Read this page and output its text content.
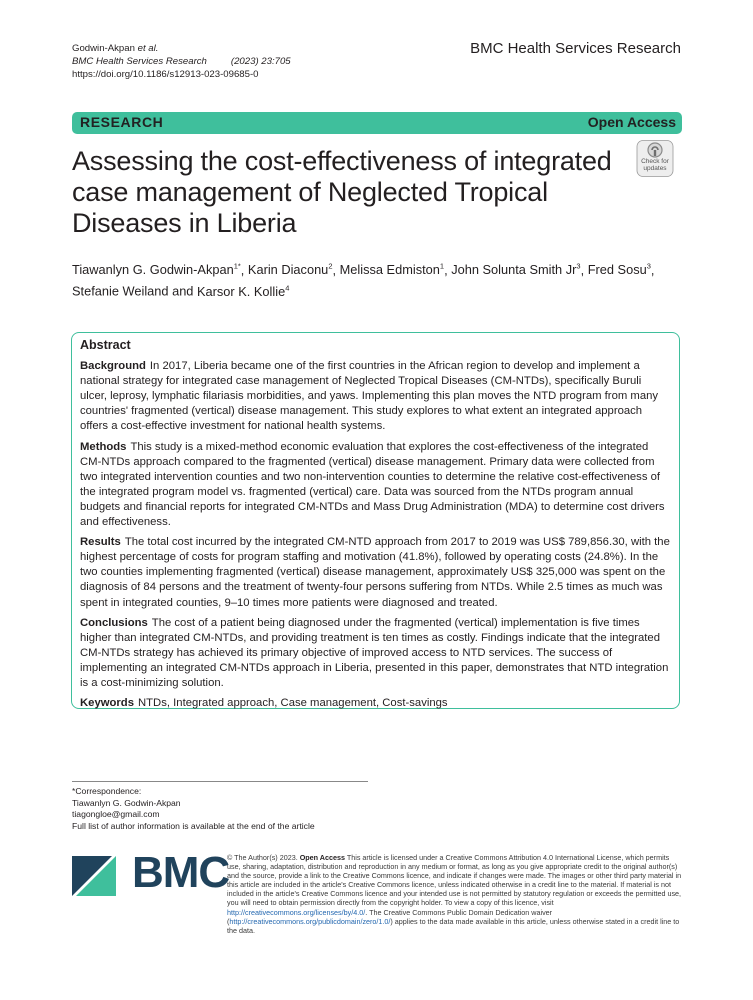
Godwin-Akpan et al.
BMC Health Services Research	(2023) 23:705
https://doi.org/10.1186/s12913-023-09685-0
BMC Health Services Research
RESEARCH	Open Access
Assessing the cost-effectiveness of integrated case management of Neglected Tropical Diseases in Liberia
Check for
updates
Tiawanlyn G. Godwin-Akpan$^{1*}$, Karin Diaconu$^2$, Melissa Edmiston$^1$, John Solunta Smith Jr$^3$, Fred Sosu$^3$,
Stefanie Weiland and Karsor K. Kollie$^4$
Abstract

Background In 2017, Liberia became one of the first countries in the African region to develop and implement a national strategy for integrated case management of Neglected Tropical Diseases (CM-NTDs), specifically Buruli ulcer, leprosy, lymphatic filariasis morbidities, and yaws. Implementing this plan moves the NTD program from many countries' fragmented (vertical) disease management. This study explores to what extent an integrated approach offers a cost-effective investment for national health systems.

Methods This study is a mixed-method economic evaluation that explores the cost-effectiveness of the integrated CM-NTDs approach compared to the fragmented (vertical) disease management. Primary data were collected from two integrated intervention counties and two non-intervention counties to determine the relative cost-effectiveness of the integrated program model vs. fragmented (vertical) care. Data was sourced from the NTDs program annual budgets and financial reports for integrated CM-NTDs and Mass Drug Administration (MDA) to determine cost drivers and effectiveness.

Results The total cost incurred by the integrated CM-NTD approach from 2017 to 2019 was US$ 789,856.30, with the highest percentage of costs for program staffing and motivation (41.8%), followed by operating costs (24.8%). In the two counties implementing fragmented (vertical) disease management, approximately US$ 325,000 was spent on the diagnosis of 84 persons and the treatment of twenty-four persons suffering from NTDs. While 2.5 times as much was spent in integrated counties, 9–10 times more patients were diagnosed and treated.

Conclusions The cost of a patient being diagnosed under the fragmented (vertical) implementation is five times higher than integrated CM-NTDs, and providing treatment is ten times as costly. Findings indicate that the integrated CM-NTDs strategy has achieved its primary objective of improved access to NTD services. The success of implementing an integrated CM-NTDs approach in Liberia, presented in this paper, demonstrates that NTD integration is a cost-minimizing solution.

Keywords NTDs, Integrated approach, Case management, Cost-savings

*Correspondence:
Tiawanlyn G. Godwin-Akpan
tiagongloe@gmail.com
Full list of author information is available at the end of the article
BMC
© The Author(s) 2023. Open Access This article is licensed under a Creative Commons Attribution 4.0 International License, which permits use, sharing, adaptation, distribution and reproduction in any medium or format, as long as you give appropriate credit to the original author(s) and the source, provide a link to the Creative Commons licence, and indicate if changes were made. The images or other third party material in this article are included in the article's Creative Commons licence, unless indicated otherwise in a credit line to the material. If material is not included in the article's Creative Commons licence and your intended use is not permitted by statutory regulation or exceeds the permitted use, you will need to obtain permission directly from the copyright holder. To view a copy of this licence, visit http://creativecommons.org/licenses/by/4.0/. The Creative Commons Public Domain Dedication waiver (http://creativecommons.org/publicdomain/zero/1.0/) applies to the data made available in this article, unless otherwise stated in a credit line to the data.
